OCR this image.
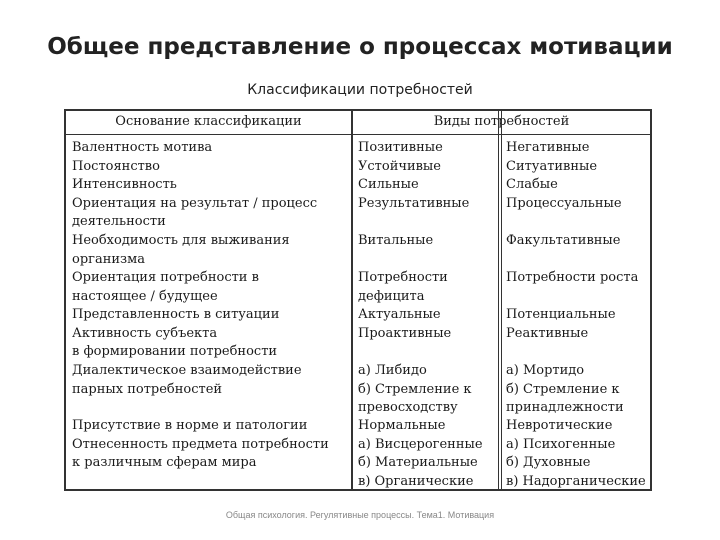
Общее представление о процессах мотивации
Классификации потребностей
Основание классификации	Виды потребностей
Валентность мотива
Постоянство
Интенсивность
Ориентация на результат / процесс
деятельности
Позитивные
Устойчивые
Сильные
Результативные
Негативные
Ситуативные
Слабые
Процессуальные
Необходимость для выживания
организма
Витальные	Факультативные
Ориентация потребности в
настоящее / будущее
Представленность в ситуации
Активность субъекта
в формировании потребности
Потребности
дефицита
Актуальные
Проактивные
Потребности роста

Потенциальные
Реактивные
Диалектическое взаимодействие
парных потребностей
а) Либидо
б) Стремление к
превосходству
а) Мортидо
б) Стремление к
принадлежности
Присутствие в норме и патологии
Отнесенность предмета потребности
к различным сферам мира
Нормальные
а) Висцерогенные
б) Материальные
в) Органические
Невротические
а) Психогенные
б) Духовные
в) Надорганические
Общая психология. Регулятивные процессы. Тема1. Мотивация
